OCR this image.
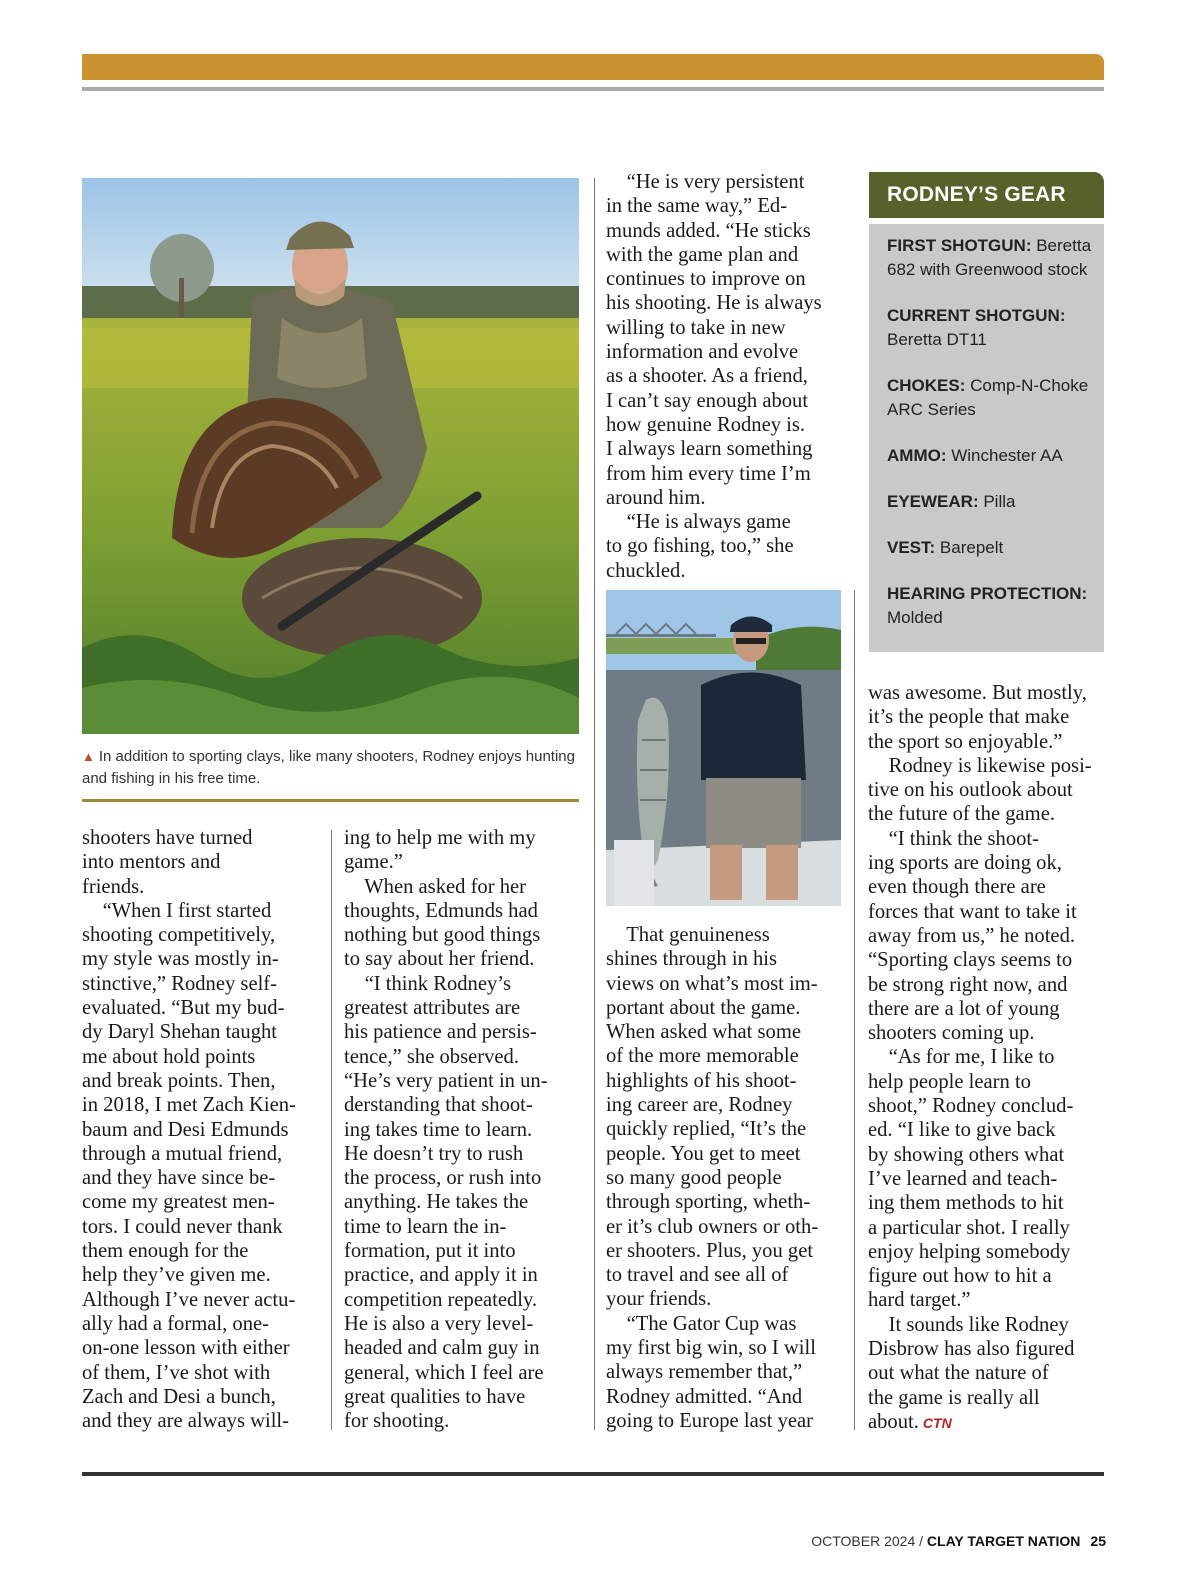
▲ In addition to sporting clays, like many shooters, Rodney enjoys hunting and fishing in his free time.
shooters have turned
into mentors and
friends.
“When I first started
shooting competitively,
my style was mostly in-
stinctive,” Rodney self-
evaluated. “But my bud-
dy Daryl Shehan taught
me about hold points
and break points. Then,
in 2018, I met Zach Kien-
baum and Desi Edmunds
through a mutual friend,
and they have since be-
come my greatest men-
tors. I could never thank
them enough for the
help they’ve given me.
Although I’ve never actu-
ally had a formal, one-
on-one lesson with either
of them, I’ve shot with
Zach and Desi a bunch,
and they are always will-
ing to help me with my
game.”
When asked for her
thoughts, Edmunds had
nothing but good things
to say about her friend.
“I think Rodney’s
greatest attributes are
his patience and persis-
tence,” she observed.
“He’s very patient in un-
derstanding that shoot-
ing takes time to learn.
He doesn’t try to rush
the process, or rush into
anything. He takes the
time to learn the in-
formation, put it into
practice, and apply it in
competition repeatedly.
He is also a very level-
headed and calm guy in
general, which I feel are
great qualities to have
for shooting.
“He is very persistent
in the same way,” Ed-
munds added. “He sticks
with the game plan and
continues to improve on
his shooting. He is always
willing to take in new
information and evolve
as a shooter. As a friend,
I can’t say enough about
how genuine Rodney is.
I always learn something
from him every time I’m
around him.
“He is always game
to go fishing, too,” she
chuckled.
That genuineness
shines through in his
views on what’s most im-
portant about the game.
When asked what some
of the more memorable
highlights of his shoot-
ing career are, Rodney
quickly replied, “It’s the
people. You get to meet
so many good people
through sporting, wheth-
er it’s club owners or oth-
er shooters. Plus, you get
to travel and see all of
your friends.
“The Gator Cup was
my first big win, so I will
always remember that,”
Rodney admitted. “And
going to Europe last year
RODNEY’S GEAR
FIRST SHOTGUN: Beretta
682 with Greenwood stock
CURRENT SHOTGUN:
Beretta DT11
CHOKES: Comp-N-Choke
ARC Series
AMMO: Winchester AA
EYEWEAR: Pilla
VEST: Barepelt
HEARING PROTECTION:
Molded
was awesome. But mostly,
it’s the people that make
the sport so enjoyable.”
Rodney is likewise posi-
tive on his outlook about
the future of the game.
“I think the shoot-
ing sports are doing ok,
even though there are
forces that want to take it
away from us,” he noted.
“Sporting clays seems to
be strong right now, and
there are a lot of young
shooters coming up.
“As for me, I like to
help people learn to
shoot,” Rodney conclud-
ed. “I like to give back
by showing others what
I’ve learned and teach-
ing them methods to hit
a particular shot. I really
enjoy helping somebody
figure out how to hit a
hard target.”
It sounds like Rodney
Disbrow has also figured
out what the nature of
the game is really all
about. CTN
OCTOBER 2024 / CLAY TARGET NATION 25
